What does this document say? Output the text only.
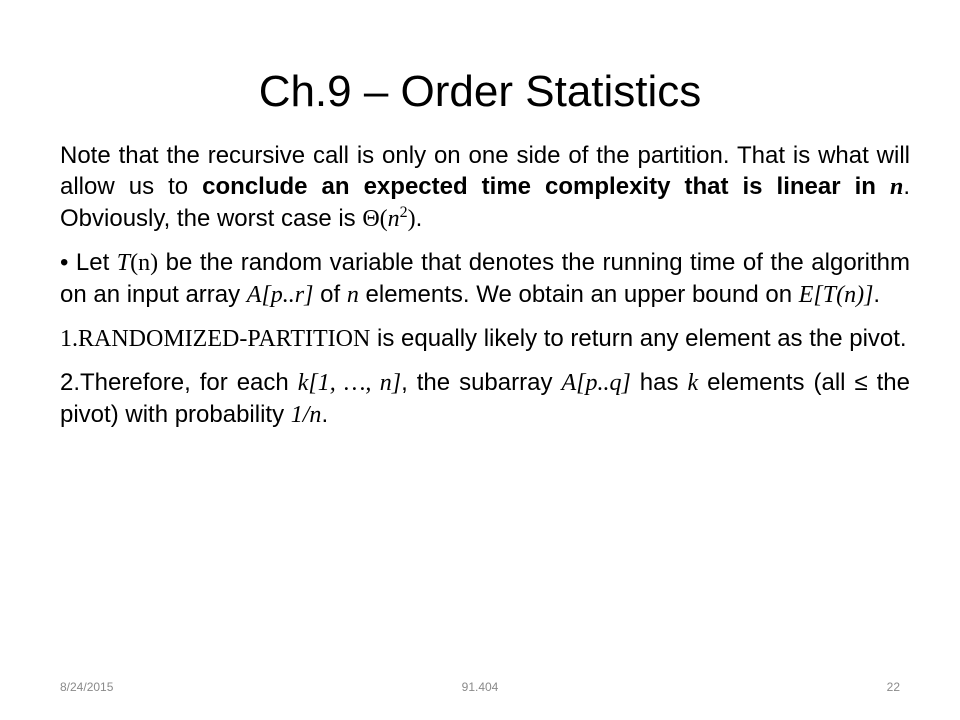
Ch.9 – Order Statistics

Note that the recursive call is only on one side of the partition. That is what will allow us to conclude an expected time complexity that is linear in n. Obviously, the worst case is $\Theta(n^2)$.

• Let T(n) be the random variable that denotes the running time of the algorithm on an input array A[p..r] of n elements. We obtain an upper bound on E[T(n)].

1.RANDOMIZED-PARTITION is equally likely to return any element as the pivot.

2.Therefore, for each k[1, …, n], the subarray A[p..q] has k elements (all ≤ the pivot) with probability 1/n.

8/24/2015	91.404	22
